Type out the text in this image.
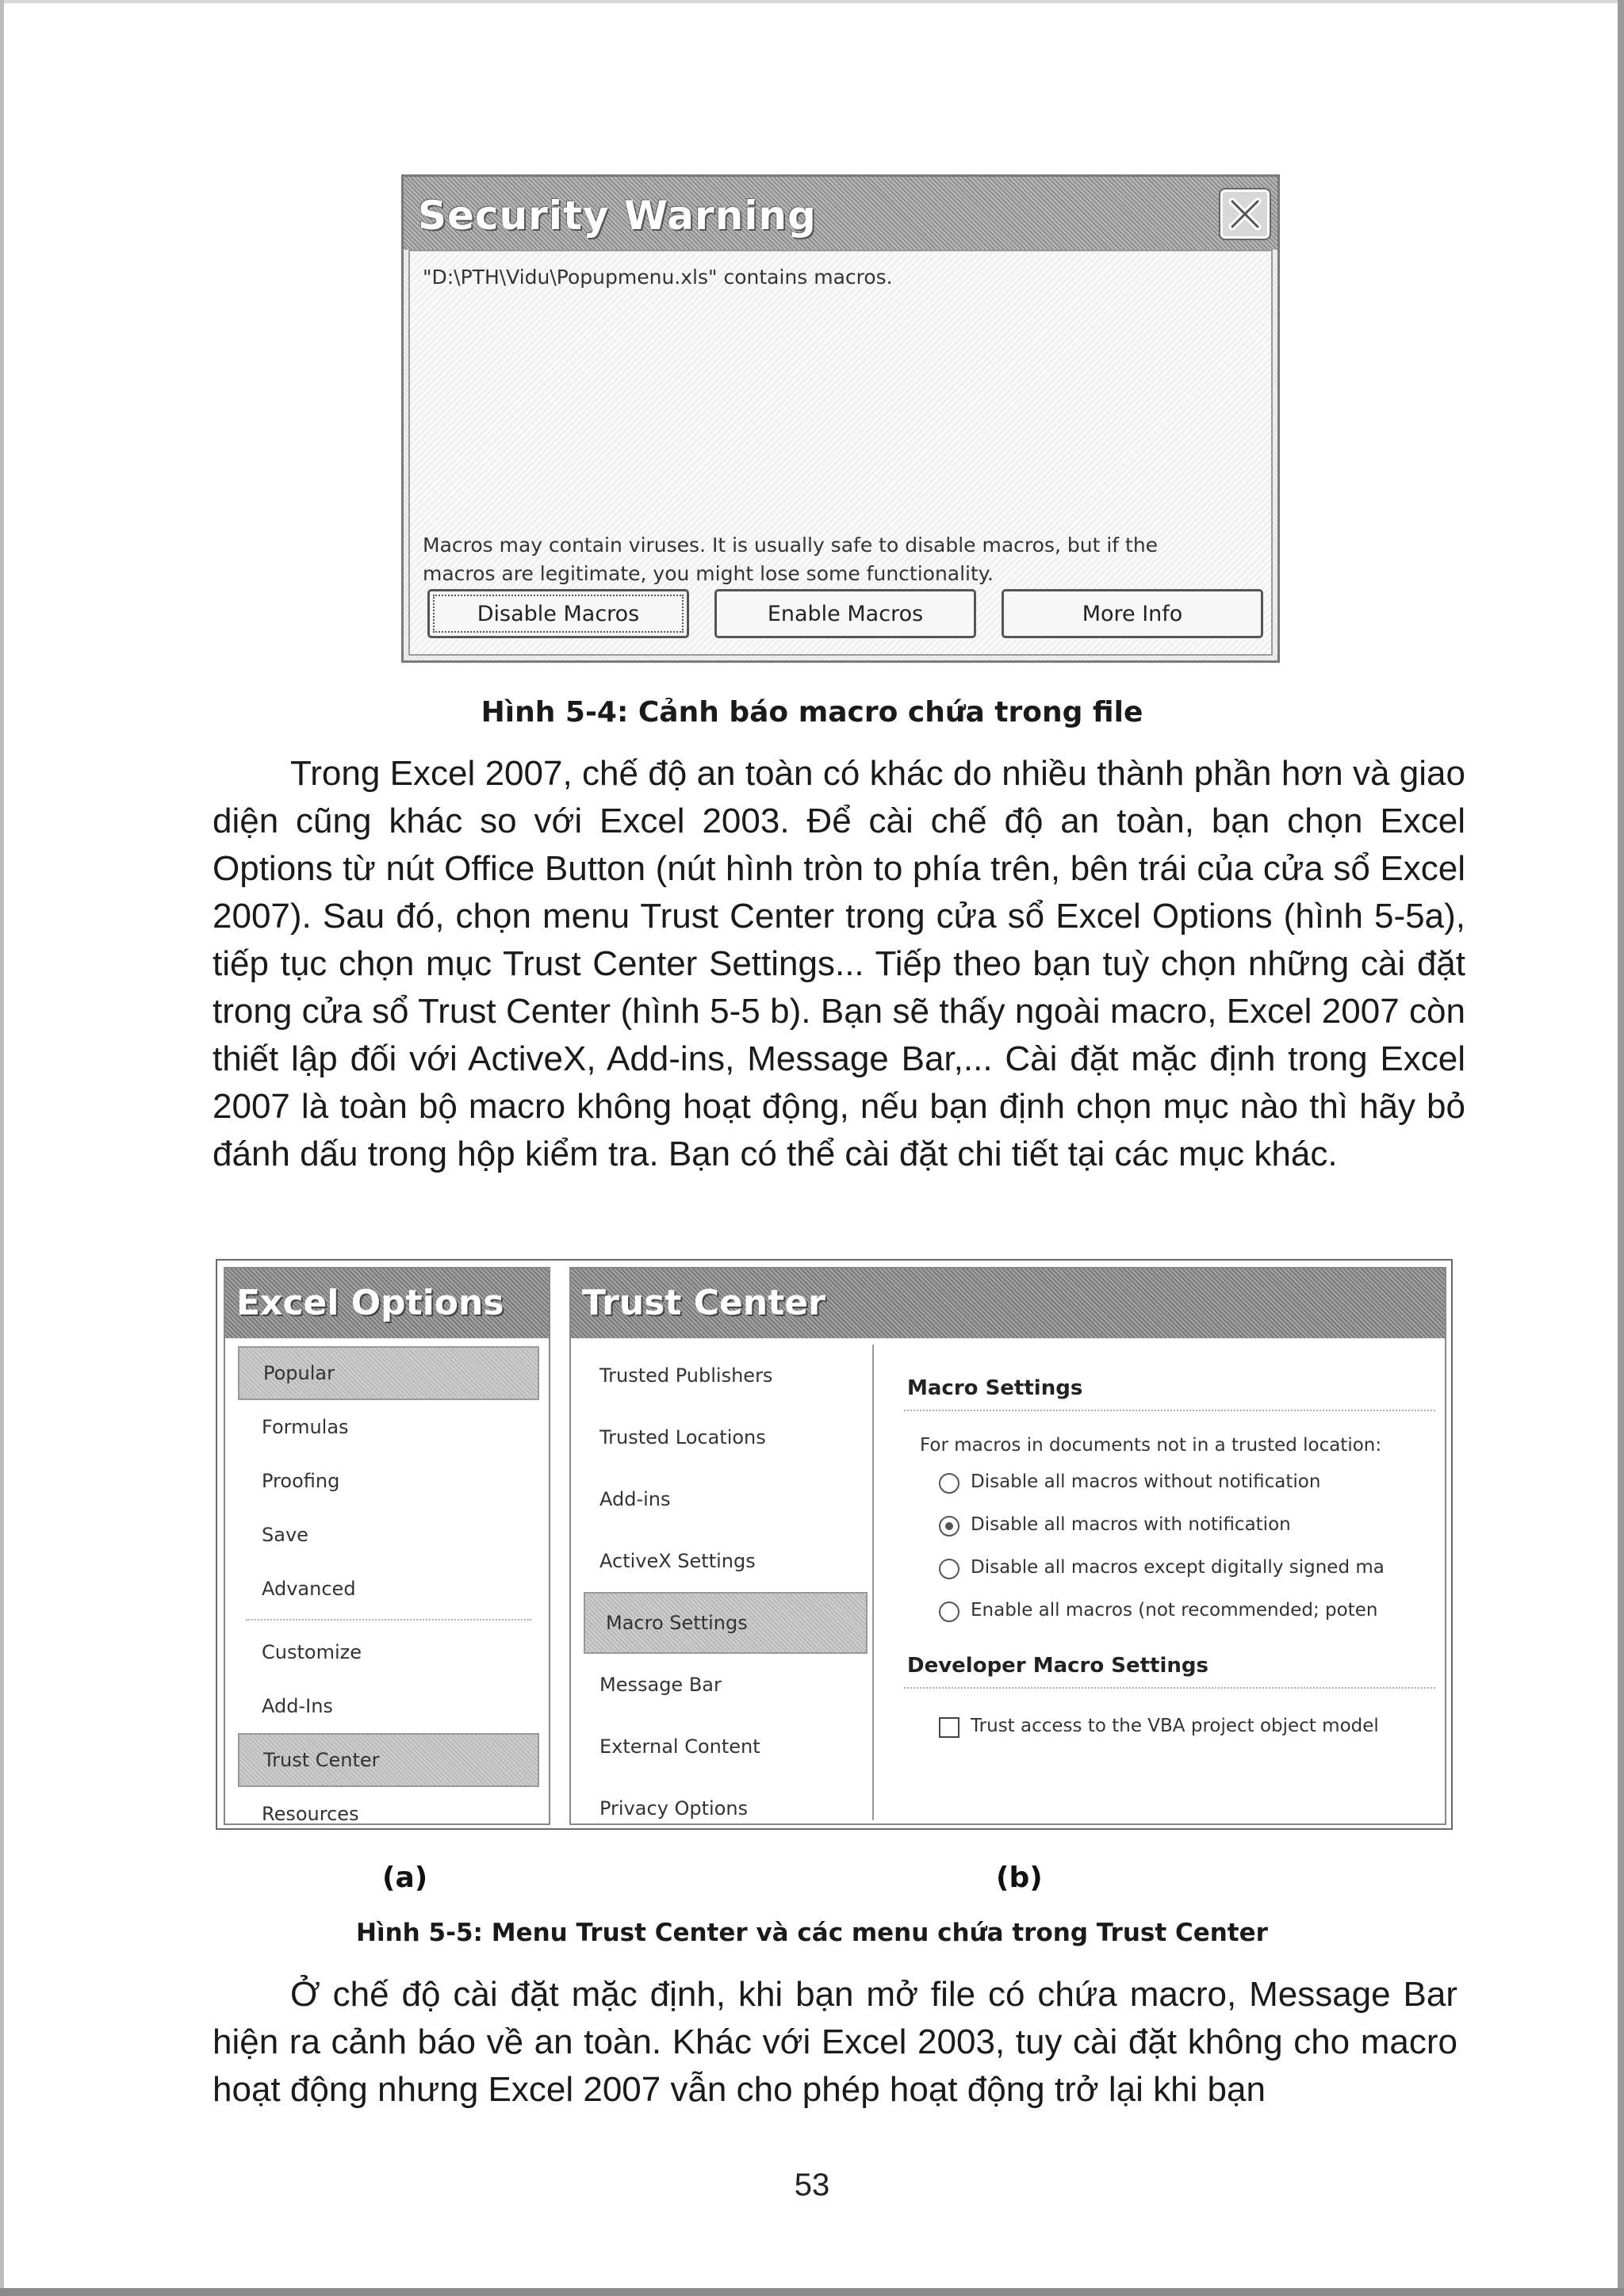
Security Warning
"D:\PTH\Vidu\Popupmenu.xls" contains macros.
Macros may contain viruses. It is usually safe to disable macros, but if the
macros are legitimate, you might lose some functionality.
Disable Macros	Enable Macros	More Info
Hình 5-4: Cảnh báo macro chứa trong file

Trong Excel 2007, chế độ an toàn có khác do nhiều thành phần hơn và giao diện cũng khác so với Excel 2003. Để cài chế độ an toàn, bạn chọn Excel Options từ nút Office Button (nút hình tròn to phía trên, bên trái của cửa sổ Excel 2007). Sau đó, chọn menu Trust Center trong cửa sổ Excel Options (hình 5-5a), tiếp tục chọn mục Trust Center Settings... Tiếp theo bạn tuỳ chọn những cài đặt trong cửa sổ Trust Center (hình 5-5 b). Bạn sẽ thấy ngoài macro, Excel 2007 còn thiết lập đối với ActiveX, Add-ins, Message Bar,... Cài đặt mặc định trong Excel 2007 là toàn bộ macro không hoạt động, nếu bạn định chọn mục nào thì hãy bỏ đánh dấu trong hộp kiểm tra. Bạn có thể cài đặt chi tiết tại các mục khác.

Excel Options
Popular
Formulas
Proofing
Save
Advanced
Customize
Add-Ins
Trust Center
Resources
Trust Center
Trusted Publishers
Trusted Locations
Add-ins
ActiveX Settings
Macro Settings
Message Bar
External Content
Privacy Options
Macro Settings
For macros in documents not in a trusted location:
Disable all macros without notification
Disable all macros with notification
Disable all macros except digitally signed ma
Enable all macros (not recommended; poten
Developer Macro Settings
Trust access to the VBA project object model
(a)	(b)
Hình 5-5: Menu Trust Center và các menu chứa trong Trust Center

Ở chế độ cài đặt mặc định, khi bạn mở file có chứa macro, Message Bar hiện ra cảnh báo về an toàn. Khác với Excel 2003, tuy cài đặt không cho macro hoạt động nhưng Excel 2007 vẫn cho phép hoạt động trở lại khi bạn

53
